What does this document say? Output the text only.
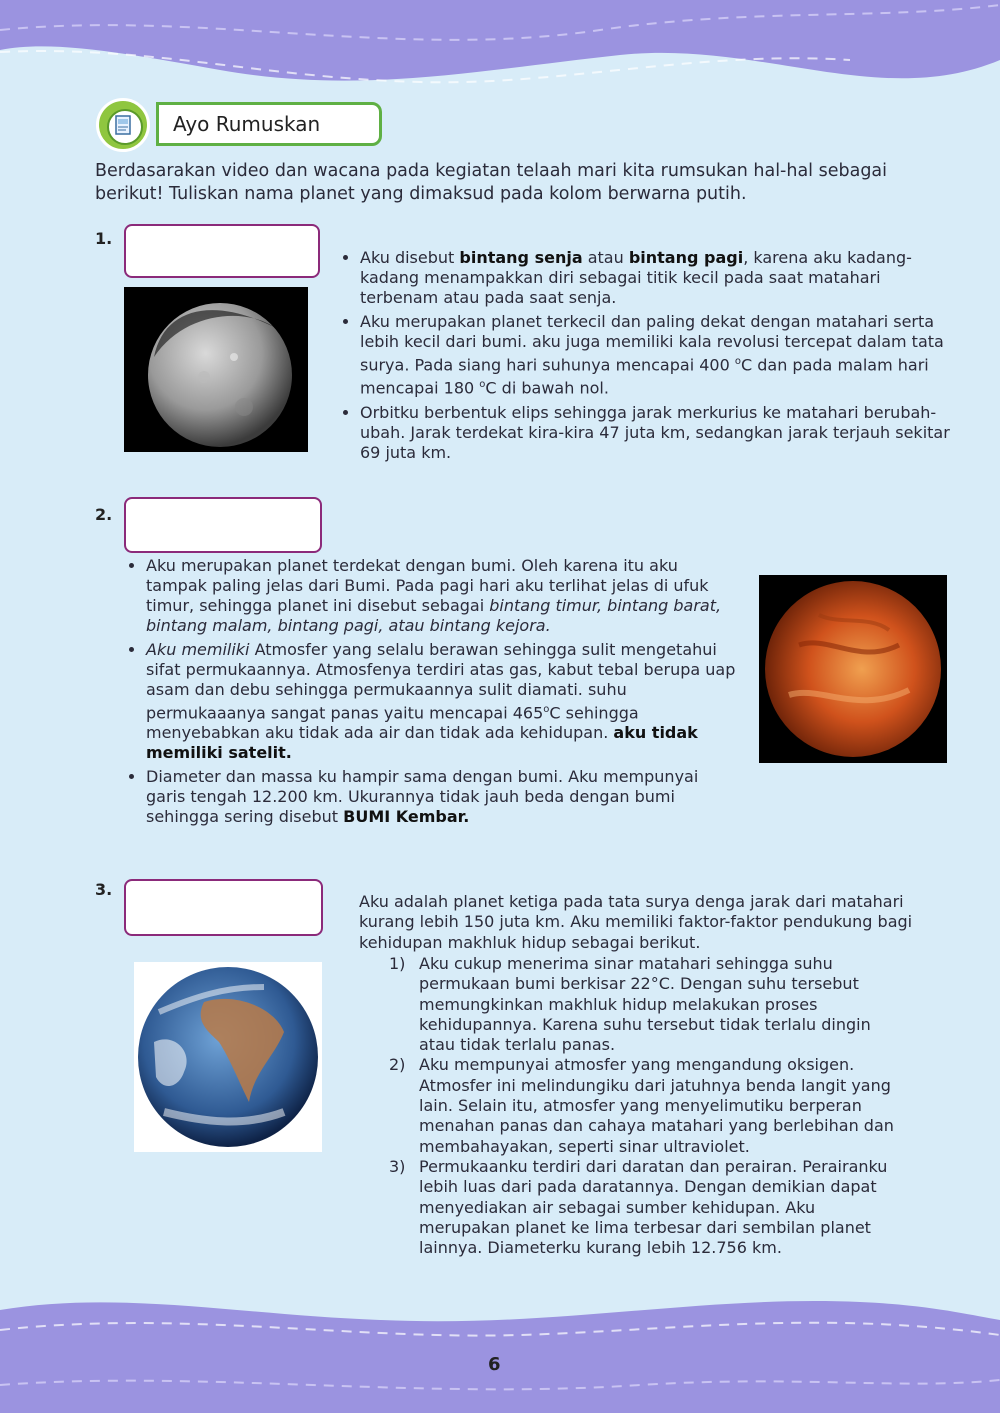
Ayo Rumuskan
Berdasarakan video dan wacana pada kegiatan telaah mari kita rumsukan hal-hal sebagai berikut! Tuliskan nama planet yang dimaksud pada kolom berwarna putih.
1.
• Aku disebut bintang senja atau bintang pagi, karena aku kadang-kadang menampakkan diri sebagai titik kecil pada saat matahari terbenam atau pada saat senja.
• Aku merupakan planet terkecil dan paling dekat dengan matahari serta lebih kecil dari bumi. aku juga memiliki kala revolusi tercepat dalam tata surya. Pada siang hari suhunya mencapai 400 $^o$C dan pada malam hari mencapai 180 $^o$C di bawah nol.
• Orbitku berbentuk elips sehingga jarak merkurius ke matahari berubah-ubah. Jarak terdekat kira-kira 47 juta km, sedangkan jarak terjauh sekitar 69 juta km.
2.
• Aku merupakan planet terdekat dengan bumi. Oleh karena itu aku tampak paling jelas dari Bumi. Pada pagi hari aku terlihat jelas di ufuk timur, sehingga planet ini disebut sebagai bintang timur, bintang barat, bintang malam, bintang pagi, atau bintang kejora.
• Aku memiliki Atmosfer yang selalu berawan sehingga sulit mengetahui sifat permukaannya. Atmosfenya terdiri atas gas, kabut tebal berupa uap asam dan debu sehingga permukaannya sulit diamati. suhu permukaaanya sangat panas yaitu mencapai 465$^o$C sehingga menyebabkan aku tidak ada air dan tidak ada kehidupan. aku tidak memiliki satelit.
• Diameter dan massa ku hampir sama dengan bumi. Aku mempunyai garis tengah 12.200 km. Ukurannya tidak jauh beda dengan bumi sehingga sering disebut BUMI Kembar.
3.
Aku adalah planet ketiga pada tata surya denga jarak dari matahari kurang lebih 150 juta km. Aku memiliki faktor-faktor pendukung bagi kehidupan makhluk hidup sebagai berikut.
1) Aku cukup menerima sinar matahari sehingga suhu permukaan bumi berkisar 22°C. Dengan suhu tersebut memungkinkan makhluk hidup melakukan proses kehidupannya. Karena suhu tersebut tidak terlalu dingin atau tidak terlalu panas.
2) Aku mempunyai atmosfer yang mengandung oksigen. Atmosfer ini melindungiku dari jatuhnya benda langit yang lain. Selain itu, atmosfer yang menyelimutiku berperan menahan panas dan cahaya matahari yang berlebihan dan membahayakan, seperti sinar ultraviolet.
3) Permukaanku terdiri dari daratan dan perairan. Perairanku lebih luas dari pada daratannya. Dengan demikian dapat menyediakan air sebagai sumber kehidupan. Aku merupakan planet ke lima terbesar dari sembilan planet lainnya. Diameterku kurang lebih 12.756 km.
6
